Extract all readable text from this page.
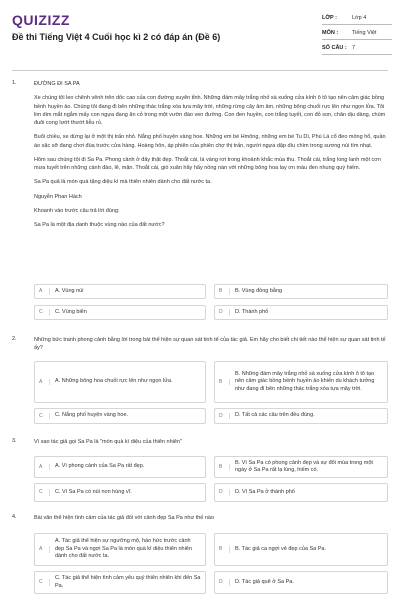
QUIZIZZ
Đề thi Tiếng Việt 4 Cuối học kì 2 có đáp án (Đề 6)
LỚP :	Lớp 4
MÔN :	Tiếng Việt
SỐ CÂU : 7
1.	ĐƯỜNG ĐI SA PA

Xe chúng tôi leo chênh vênh trên dốc cao của con đường xuyên tỉnh. Những đám mây trắng nhỏ sà xuống cửa kính ô tô tạo nên cảm giác bồng bềnh huyền ảo. Chúng tôi đang đi bên những thác trắng xóa tựa mây trời, những rừng cây âm âm, những bông chuối rực lên như ngọn lửa. Tôi lim dim mắt ngắm mấy con ngựa đang ăn cỏ trong một vườn đào ven đường. Con đen huyền, con trắng tuyết, con đỏ son, chân dịu dàng, chùm đuôi cong lướt thướt liễu rủ.

Buổi chiều, xe dừng lại ở một thị trấn nhỏ. Nắng phố huyện vàng hoe. Những em bé Hmông, những em bé Tu Dí, Phù Lá cổ đeo móng hổ, quần áo sặc sỡ đang chơi đùa trước cửa hàng. Hoàng hôn, áp phiên của phiên chợ thị trấn, người ngựa dập dìu chìm trong sương núi tím nhạt.

Hôm sau chúng tôi đi Sa Pa. Phong cảnh ở đây thật đẹp. Thoắt cái, lá vàng rơi trong khoảnh khắc mùa thu. Thoắt cái, trắng long lanh một cơn mưa tuyết trên những cành đào, lê, mận. Thoắt cái, gió xuân hây hẩy nồng nàn với những bông hoa lay ơn màu đen nhung quý hiếm.

Sa Pa quả là món quà tặng diệu kì mà thiên nhiên dành cho đất nước ta.

Nguyễn Phan Hách

Khoanh vào trước câu trả lời đúng:

Sa Pa là một địa danh thuộc vùng nào của đất nước?

A	A. Vùng núi	B	B. Vùng đồng bằng
C	C. Vùng biển	D	D. Thành phố
2.	Những bức tranh phong cảnh bằng lời trong bài thể hiện sự quan sát tinh tế của tác giả. Em hãy cho biết chi tiết nào thể hiện sự quan sát tinh tế ấy?
A	A. Những bông hoa chuối rực lên như ngọn lửa.	B
B. Những đám mây trắng nhỏ sà xuống cửa kính ô tô tạo nên cảm giác bồng bềnh huyền ảo khiến du khách tưởng như đang đi bên những thác trắng xóa tựa mây trời.
C	C. Nắng phố huyện vàng hoe.	D	D. Tất cả các câu trên đều đúng.
3.	Vì sao tác giả gọi Sa Pa là "món quà kì diệu của thiên nhiên"
A	A. Vì phong cảnh của Sa Pa rất đẹp.	B
B. Vì Sa Pa có phong cảnh đẹp và sự đổi mùa trong một ngày ở Sa Pa rất lạ lùng, hiếm có.
C	C. Vì Sa Pa có núi non hùng vĩ.	D	D. Vì Sa Pa ở thành phố
4.	Bài văn thể hiện tình cảm của tác giả đối với cảnh đẹp Sa Pa như thế nào
A
A. Tác giả thể hiện sự ngưỡng mộ, háo hức trước cảnh đẹp Sa Pa và ngợi Sa Pa là món quà kì diệu thiên nhiên dành cho đất nước ta.
B	B. Tác giả ca ngợi vẻ đẹp của Sa Pa.
C
C. Tác giả thể hiện tình cảm yêu quý thiên nhiên khi đến Sa Pa.
D	D. Tác giả quê ở Sa Pa.
